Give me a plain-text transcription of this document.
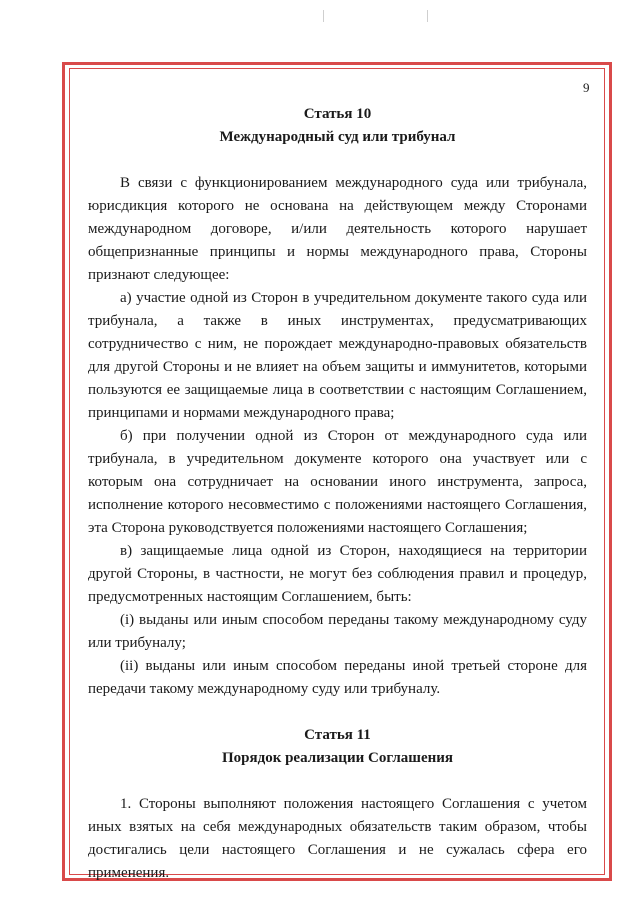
9
Статья 10
Международный суд или трибунал

В связи с функционированием международного суда или трибунала, юрисдикция которого не основана на действующем между Сторонами международном договоре, и/или деятельность которого нарушает общепризнанные принципы и нормы международного права, Стороны признают следующее:

а) участие одной из Сторон в учредительном документе такого суда или трибунала, а также в иных инструментах, предусматривающих сотрудничество с ним, не порождает международно-правовых обязательств для другой Стороны и не влияет на объем защиты и иммунитетов, которыми пользуются ее защищаемые лица в соответствии с настоящим Соглашением, принципами и нормами международного права;

б) при получении одной из Сторон от международного суда или трибунала, в учредительном документе которого она участвует или с которым она сотрудничает на основании иного инструмента, запроса, исполнение которого несовместимо с положениями настоящего Соглашения, эта Сторона руководствуется положениями настоящего Соглашения;

в) защищаемые лица одной из Сторон, находящиеся на территории другой Стороны, в частности, не могут без соблюдения правил и процедур, предусмотренных настоящим Соглашением, быть:

(i) выданы или иным способом переданы такому международному суду или трибуналу;

(ii) выданы или иным способом переданы иной третьей стороне для передачи такому международному суду или трибуналу.

Статья 11
Порядок реализации Соглашения

1. Стороны выполняют положения настоящего Соглашения с учетом иных взятых на себя международных обязательств таким образом, чтобы достигались цели настоящего Соглашения и не сужалась сфера его применения.
